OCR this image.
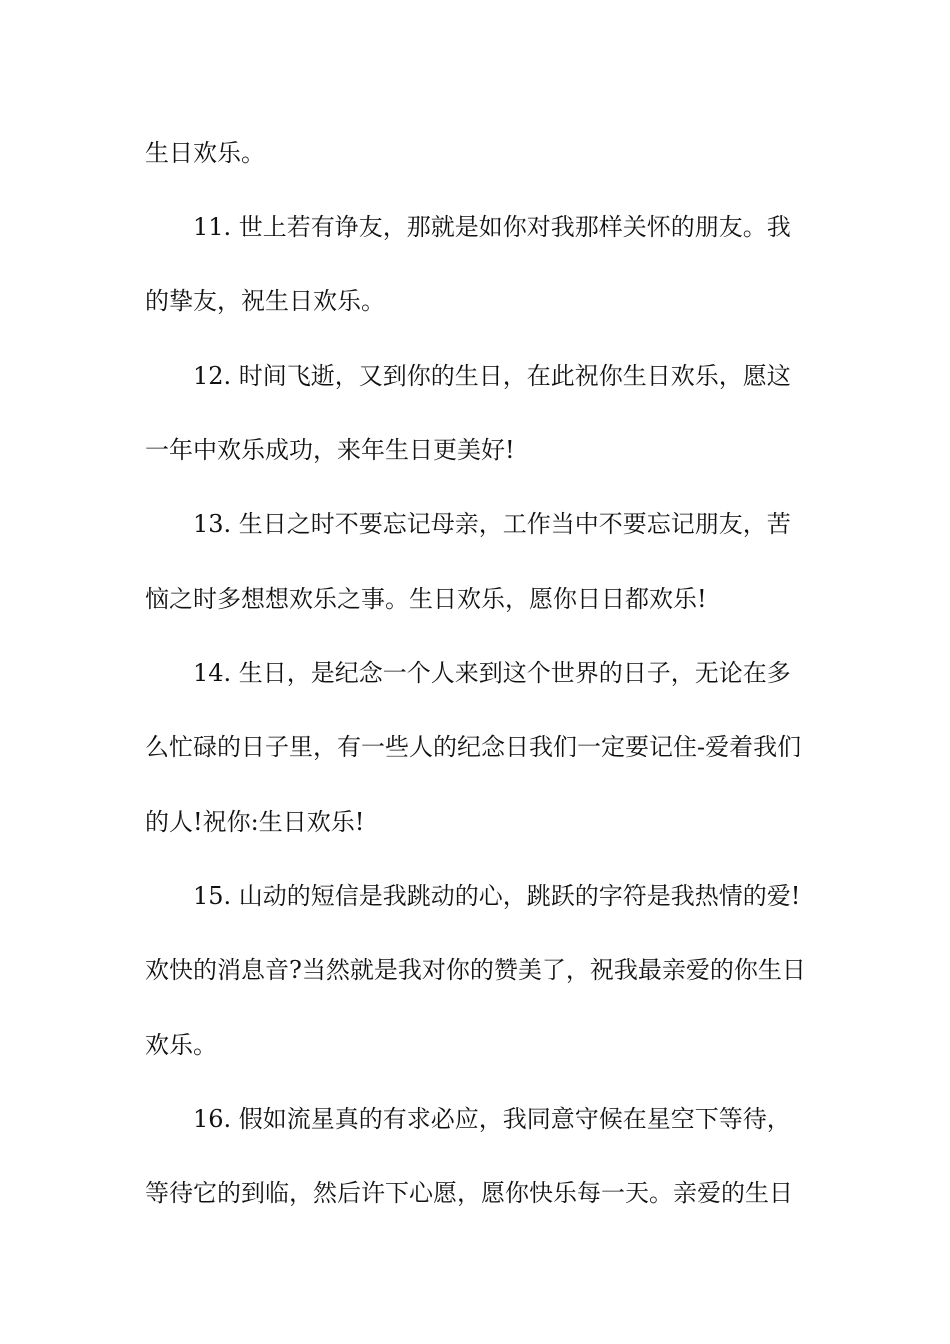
生日欢乐。
11. 世上若有诤友，那就是如你对我那样关怀的朋友。我
的挚友，祝生日欢乐。
12. 时间飞逝，又到你的生日，在此祝你生日欢乐，愿这
一年中欢乐成功，来年生日更美好!
13. 生日之时不要忘记母亲，工作当中不要忘记朋友，苦
恼之时多想想欢乐之事。生日欢乐，愿你日日都欢乐!
14. 生日，是纪念一个人来到这个世界的日子，无论在多
么忙碌的日子里，有一些人的纪念日我们一定要记住-爱着我们
的人!祝你:生日欢乐!
15. 山动的短信是我跳动的心，跳跃的字符是我热情的爱!
欢快的消息音?当然就是我对你的赞美了，祝我最亲爱的你生日
欢乐。
16. 假如流星真的有求必应，我同意守候在星空下等待，
等待它的到临，然后许下心愿，愿你快乐每一天。亲爱的生日
